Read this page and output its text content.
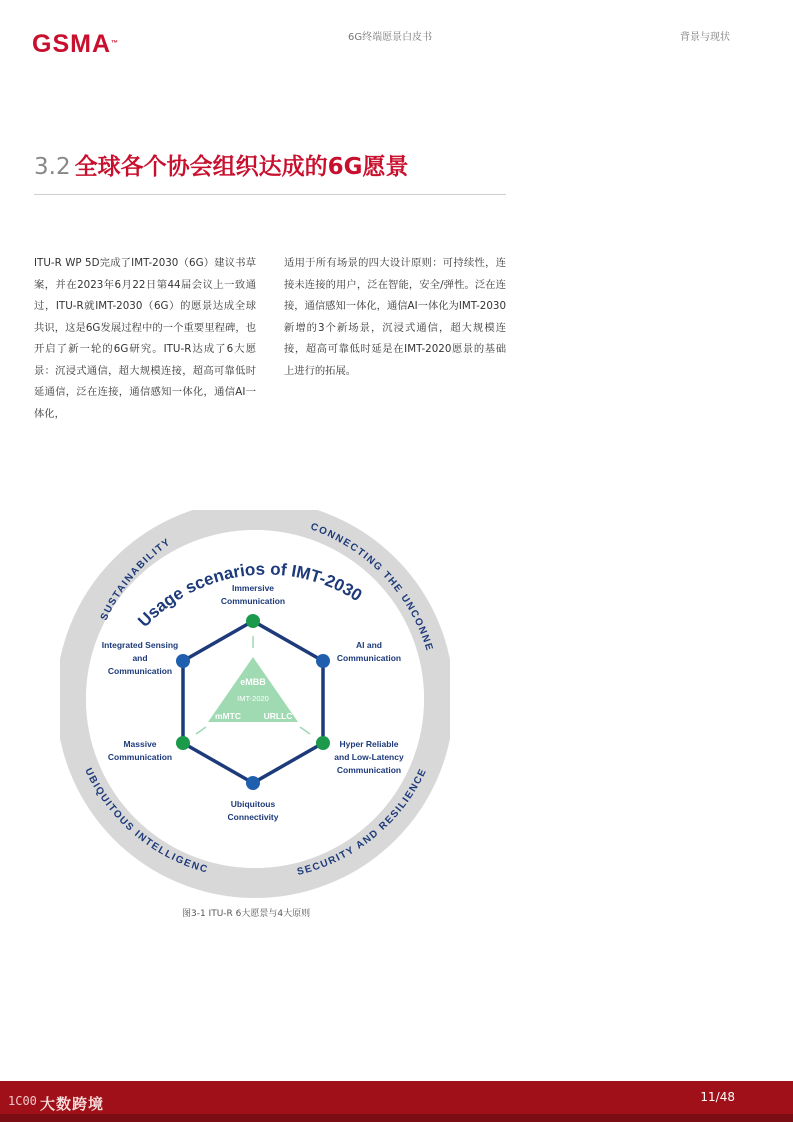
GSMA™
6G终端愿景白皮书	背景与现状
3.2 全球各个协会组织达成的6G愿景

ITU-R WP 5D完成了IMT-2030（6G）建议书草案，并在2023年6月22日第44届会议上一致通过，ITU-R就IMT-2030（6G）的愿景达成全球共识，这是6G发展过程中的一个重要里程碑，也开启了新一轮的6G研究。ITU-R达成了6大愿景：沉浸式通信，超大规模连接，超高可靠低时延通信，泛在连接，通信感知一体化，通信AI一体化，

适用于所有场景的四大设计原则：可持续性，连接未连接的用户，泛在智能，安全/弹性。泛在连接，通信感知一体化，通信AI一体化为IMT-2030新增的3个新场景，沉浸式通信，超大规模连接，超高可靠低时延是在IMT-2020愿景的基础上进行的拓展。

SUSTAINABILITY
CONNECTING THE UNCONNE
UBIQUITOUS INTELLIGENC	SECURITY AND RESILIENCE
Usage scenarios of IMT-2030
eMBB
IMT-2020
mMTC	URLLC
Immersive
Communication
AI and
Communication
Hyper Reliable
and Low-Latency
Communication
Ubiquitous
Connectivity
Massive
Communication
Integrated Sensing
and
Communication
图3-1 ITU-R 6大愿景与4大原则
1C00 大数跨境	11/48
